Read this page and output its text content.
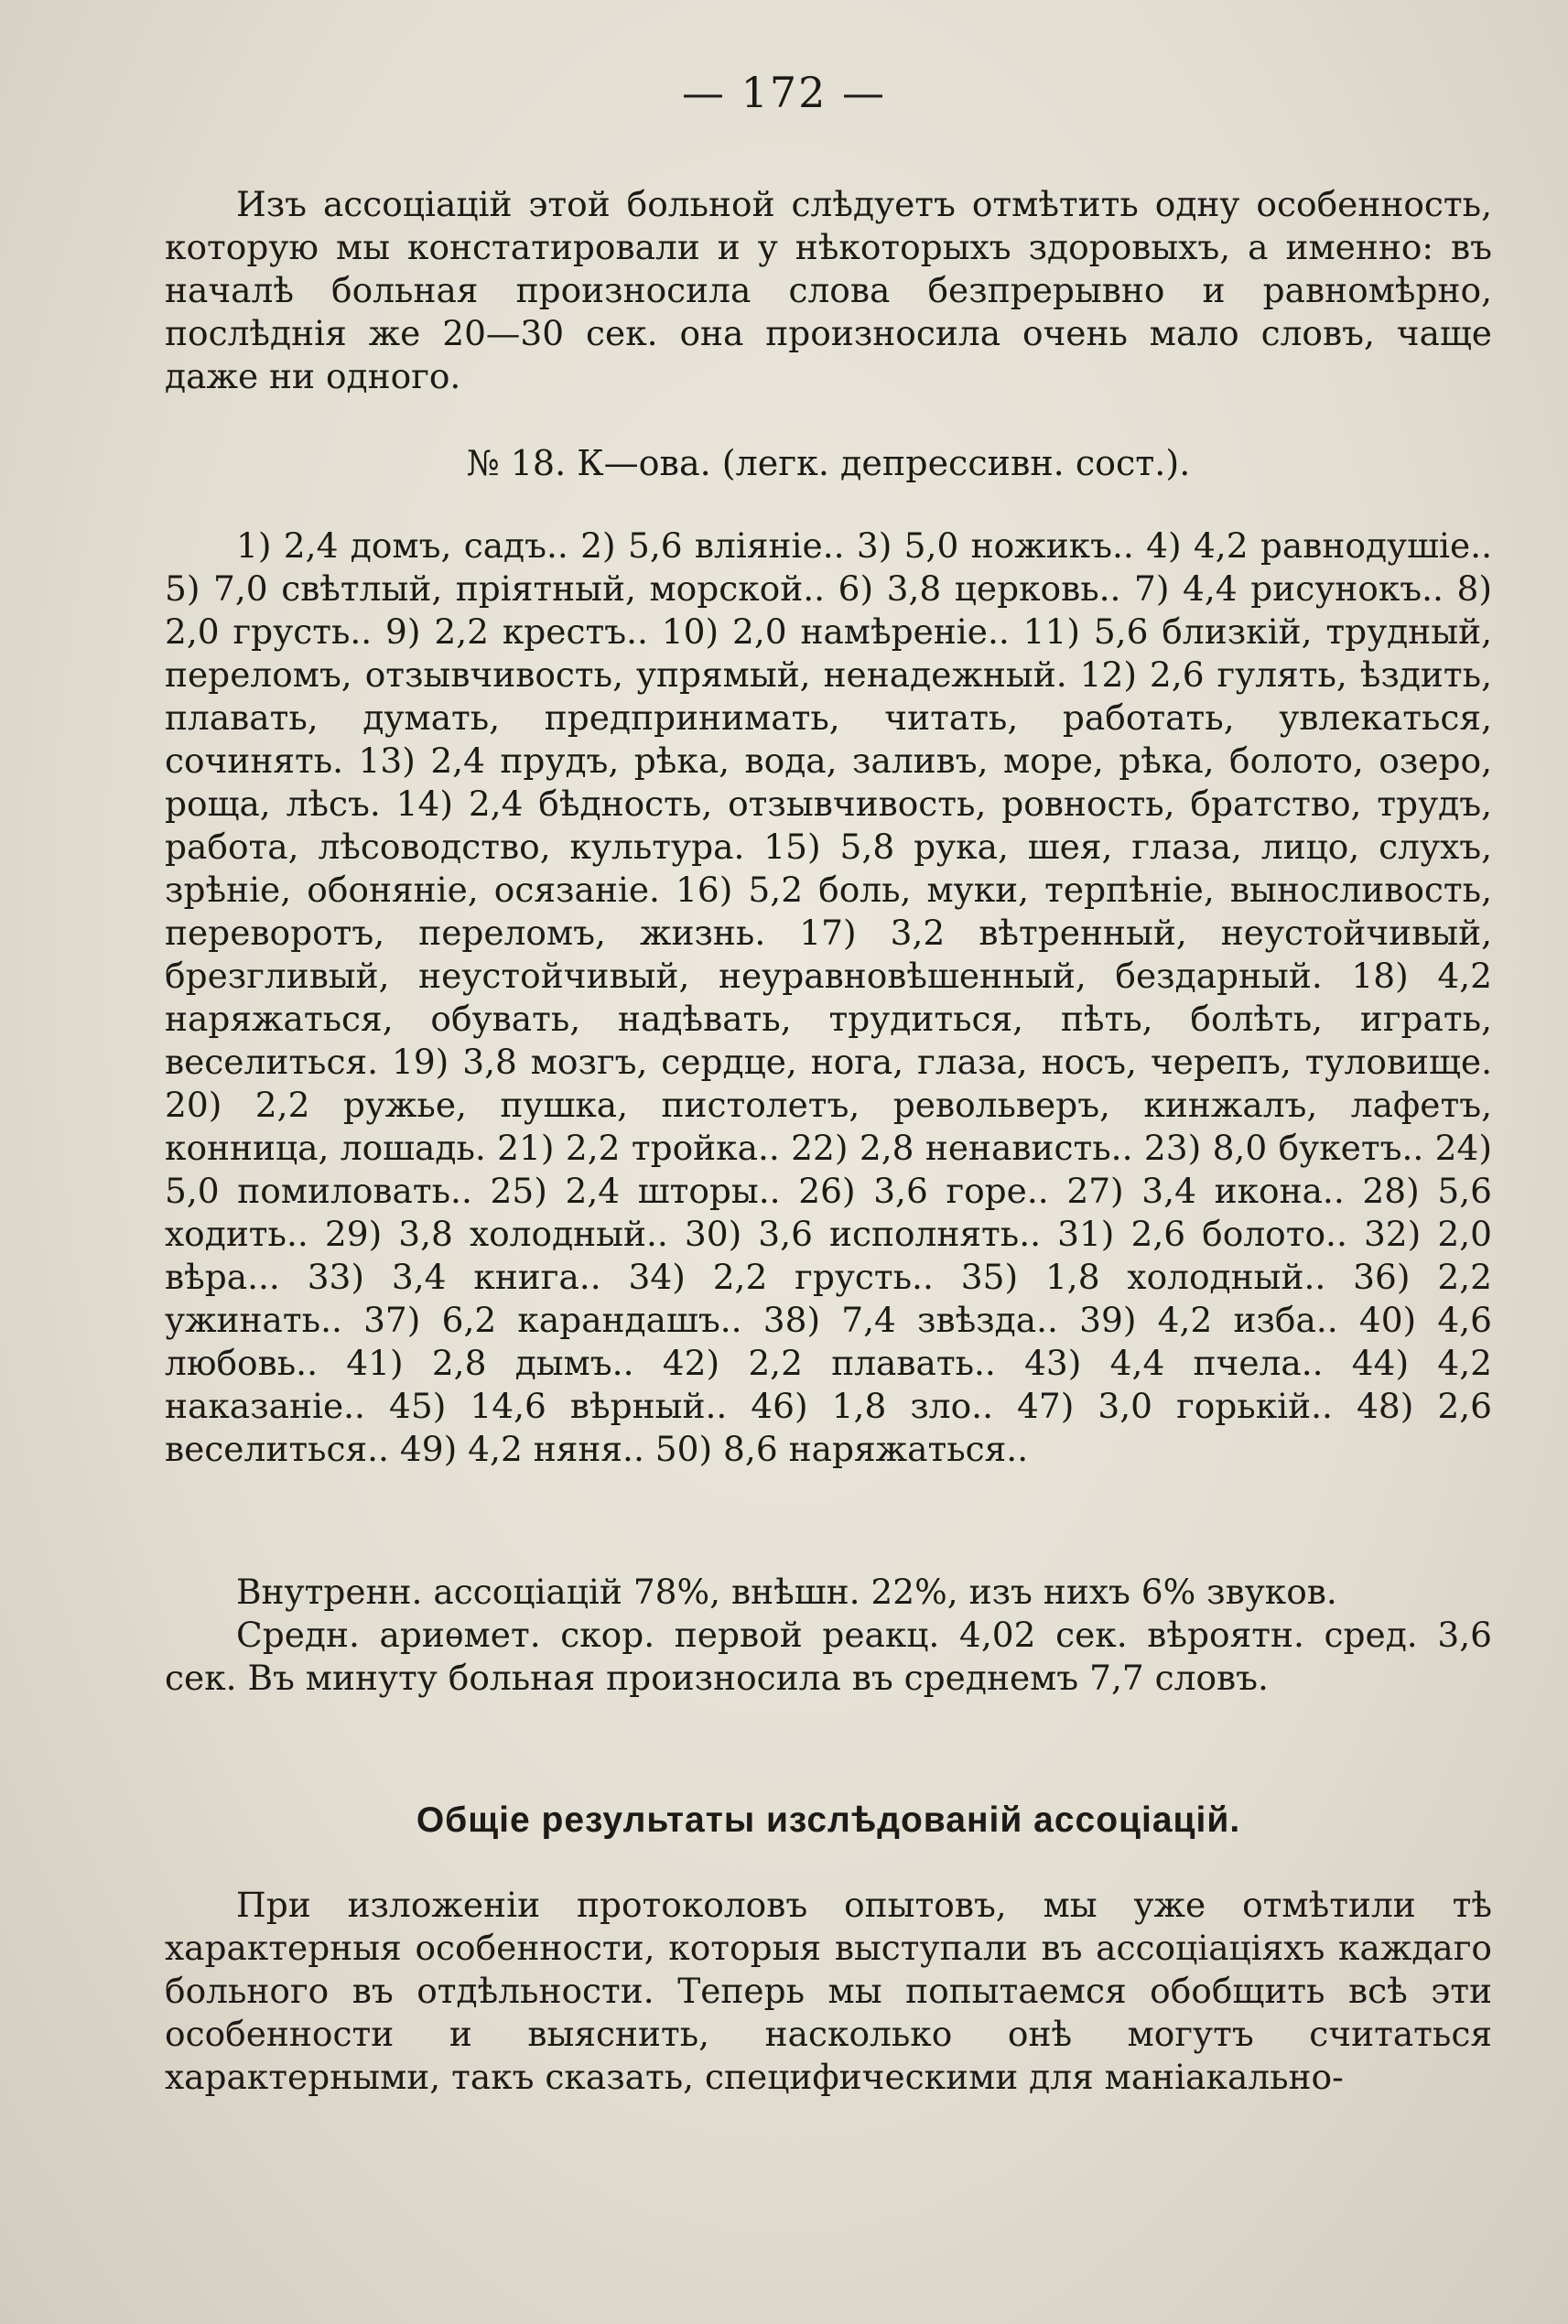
— 172 —

Изъ ассоціацій этой больной слѣдуетъ отмѣтить одну особенность, которую мы констатировали и у нѣкоторыхъ здоровыхъ, а именно: въ началѣ больная произносила слова безпрерывно и равномѣрно, послѣднія же 20—30 сек. она произносила очень мало словъ, чаще даже ни одного.

№ 18. К—ова. (легк. депрессивн. сост.).

1) 2,4 домъ, садъ.. 2) 5,6 вліяніе.. 3) 5,0 ножикъ.. 4) 4,2 равнодушіе.. 5) 7,0 свѣтлый, пріятный, морской.. 6) 3,8 церковь.. 7) 4,4 рисунокъ.. 8) 2,0 грусть.. 9) 2,2 крестъ.. 10) 2,0 намѣреніе.. 11) 5,6 близкій, трудный, переломъ, отзывчивость, упрямый, ненадежный. 12) 2,6 гулять, ѣздить, плавать, думать, предпринимать, читать, работать, увлекаться, сочинять. 13) 2,4 прудъ, рѣка, вода, заливъ, море, рѣка, болото, озеро, роща, лѣсъ. 14) 2,4 бѣдность, отзывчивость, ровность, братство, трудъ, работа, лѣсоводство, культура. 15) 5,8 рука, шея, глаза, лицо, слухъ, зрѣніе, обоняніе, осязаніе. 16) 5,2 боль, муки, терпѣніе, выносливость, переворотъ, переломъ, жизнь. 17) 3,2 вѣтренный, неустойчивый, брезгливый, неустойчивый, неуравновѣшенный, бездарный. 18) 4,2 наряжаться, обувать, надѣвать, трудиться, пѣть, болѣть, играть, веселиться. 19) 3,8 мозгъ, сердце, нога, глаза, носъ, черепъ, туловище. 20) 2,2 ружье, пушка, пистолетъ, револьверъ, кинжалъ, лафетъ, конница, лошадь. 21) 2,2 тройка.. 22) 2,8 ненависть.. 23) 8,0 букетъ.. 24) 5,0 помиловать.. 25) 2,4 шторы.. 26) 3,6 горе.. 27) 3,4 икона.. 28) 5,6 ходить.. 29) 3,8 холодный.. 30) 3,6 исполнять.. 31) 2,6 болото.. 32) 2,0 вѣра... 33) 3,4 книга.. 34) 2,2 грусть.. 35) 1,8 холодный.. 36) 2,2 ужинать.. 37) 6,2 карандашъ.. 38) 7,4 звѣзда.. 39) 4,2 изба.. 40) 4,6 любовь.. 41) 2,8 дымъ.. 42) 2,2 плавать.. 43) 4,4 пчела.. 44) 4,2 наказаніе.. 45) 14,6 вѣрный.. 46) 1,8 зло.. 47) 3,0 горькій.. 48) 2,6 веселиться.. 49) 4,2 няня.. 50) 8,6 наряжаться..

Внутренн. ассоціацій 78%, внѣшн. 22%, изъ нихъ 6% звуков.

Средн. ариѳмет. скор. первой реакц. 4,02 сек. вѣроятн. сред. 3,6 сек. Въ минуту больная произносила въ среднемъ 7,7 словъ.

Общіе результаты изслѣдованій ассоціацій.

При изложеніи протоколовъ опытовъ, мы уже отмѣтили тѣ характерныя особенности, которыя выступали въ ассоціаціяхъ каждаго больного въ отдѣльности. Теперь мы попытаемся обобщить всѣ эти особенности и выяснить, насколько онѣ могутъ считаться характерными, такъ сказать, специфическими для маніакально-
